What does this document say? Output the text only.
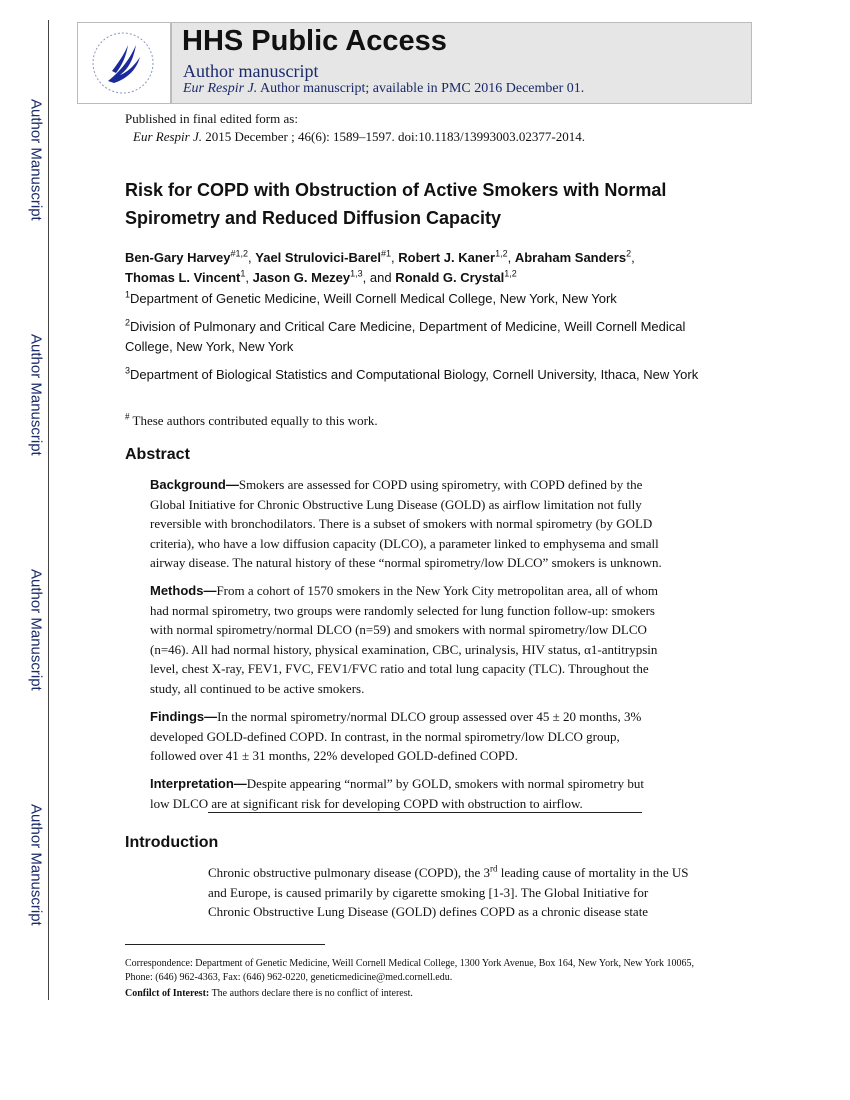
Author Manuscript
Author Manuscript
Author Manuscript
Author Manuscript
HHS Public Access
Author manuscript
Eur Respir J. Author manuscript; available in PMC 2016 December 01.
Published in final edited form as:
Eur Respir J. 2015 December ; 46(6): 1589–1597. doi:10.1183/13993003.02377-2014.
Risk for COPD with Obstruction of Active Smokers with Normal
Spirometry and Reduced Diffusion Capacity
Ben-Gary Harvey$^{\#1,2}$, Yael Strulovici-Barel$^{\#1}$, Robert J. Kaner$^{1,2}$, Abraham Sanders$^2$,
Thomas L. Vincent$^1$, Jason G. Mezey$^{1,3}$, and Ronald G. Crystal$^{1,2}$
$^1$Department of Genetic Medicine, Weill Cornell Medical College, New York, New York
$^2$Division of Pulmonary and Critical Care Medicine, Department of Medicine, Weill Cornell Medical College, New York, New York
$^3$Department of Biological Statistics and Computational Biology, Cornell University, Ithaca, New York
# These authors contributed equally to this work.
Abstract
Background—Smokers are assessed for COPD using spirometry, with COPD defined by the
Global Initiative for Chronic Obstructive Lung Disease (GOLD) as airflow limitation not fully
reversible with bronchodilators. There is a subset of smokers with normal spirometry (by GOLD
criteria), who have a low diffusion capacity (DLCO), a parameter linked to emphysema and small
airway disease. The natural history of these “normal spirometry/low DLCO” smokers is unknown.
Methods—From a cohort of 1570 smokers in the New York City metropolitan area, all of whom
had normal spirometry, two groups were randomly selected for lung function follow-up: smokers
with normal spirometry/normal DLCO (n=59) and smokers with normal spirometry/low DLCO
(n=46). All had normal history, physical examination, CBC, urinalysis, HIV status, α1-antitrypsin
level, chest X-ray, FEV1, FVC, FEV1/FVC ratio and total lung capacity (TLC). Throughout the
study, all continued to be active smokers.
Findings—In the normal spirometry/normal DLCO group assessed over 45 ± 20 months, 3%
developed GOLD-defined COPD. In contrast, in the normal spirometry/low DLCO group,
followed over 41 ± 31 months, 22% developed GOLD-defined COPD.
Interpretation—Despite appearing “normal” by GOLD, smokers with normal spirometry but
low DLCO are at significant risk for developing COPD with obstruction to airflow.
Introduction
Chronic obstructive pulmonary disease (COPD), the 3rd leading cause of mortality in the US
and Europe, is caused primarily by cigarette smoking [1-3]. The Global Initiative for
Chronic Obstructive Lung Disease (GOLD) defines COPD as a chronic disease state
Correspondence: Department of Genetic Medicine, Weill Cornell Medical College, 1300 York Avenue, Box 164, New York, New York 10065, Phone: (646) 962-4363, Fax: (646) 962-0220, geneticmedicine@med.cornell.edu.
Confilct of Interest: The authors declare there is no conflict of interest.
